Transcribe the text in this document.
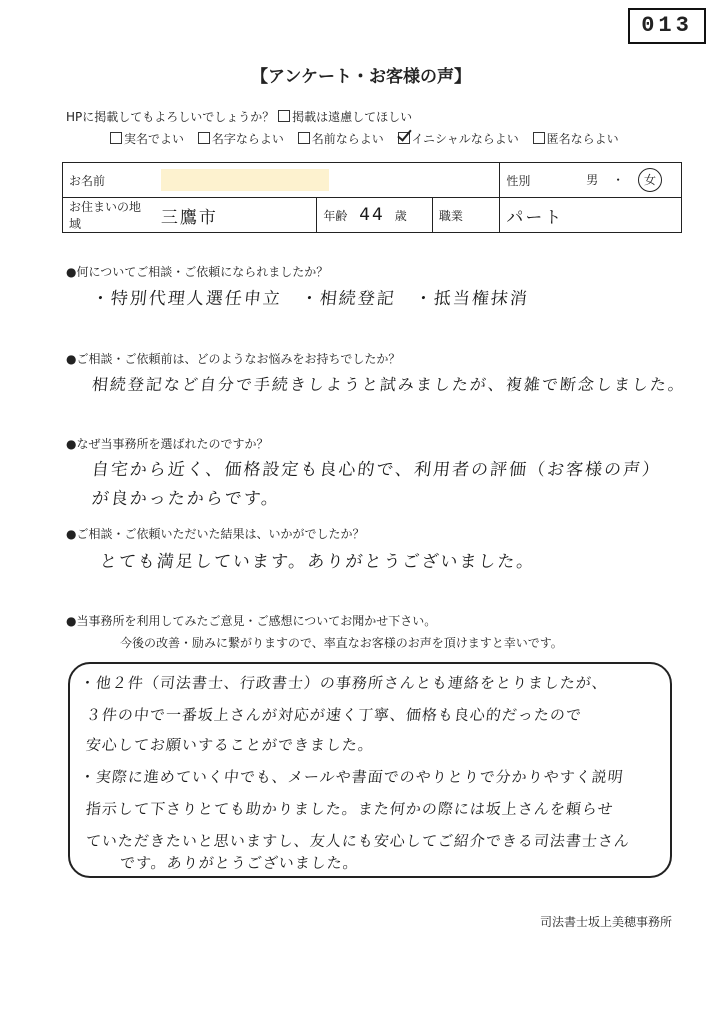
013
【アンケート・お客様の声】
HPに掲載してもよろしいでしょうか？ 掲載は遠慮してほしい
実名でよい 名字ならよい 名前ならよい イニシャルならよい 匿名ならよい
お名前				性別	男 ・ 女
お住まいの地域	三鷹市	年齢 44 歳	職業	パート	
●何についてご相談・ご依頼になられましたか？
・特別代理人選任申立　・相続登記　・抵当権抹消
●ご相談・ご依頼前は、どのようなお悩みをお持ちでしたか？
相続登記など自分で手続きしようと試みましたが、複雑で断念しました。
●なぜ当事務所を選ばれたのですか？
自宅から近く、価格設定も良心的で、利用者の評価（お客様の声）
が良かったからです。
●ご相談・ご依頼いただいた結果は、いかがでしたか？
とても満足しています。ありがとうございました。
●当事務所を利用してみたご意見・ご感想についてお聞かせ下さい。
今後の改善・励みに繋がりますので、率直なお客様のお声を頂けますと幸いです。
・他２件（司法書士、行政書士）の事務所さんとも連絡をとりましたが、
３件の中で一番坂上さんが対応が速く丁寧、価格も良心的だったので
安心してお願いすることができました。
・実際に進めていく中でも、メールや書面でのやりとりで分かりやすく説明
指示して下さりとても助かりました。また何かの際には坂上さんを頼らせ
ていただきたいと思いますし、友人にも安心してご紹介できる司法書士さん
です。ありがとうございました。
司法書士坂上美穂事務所
